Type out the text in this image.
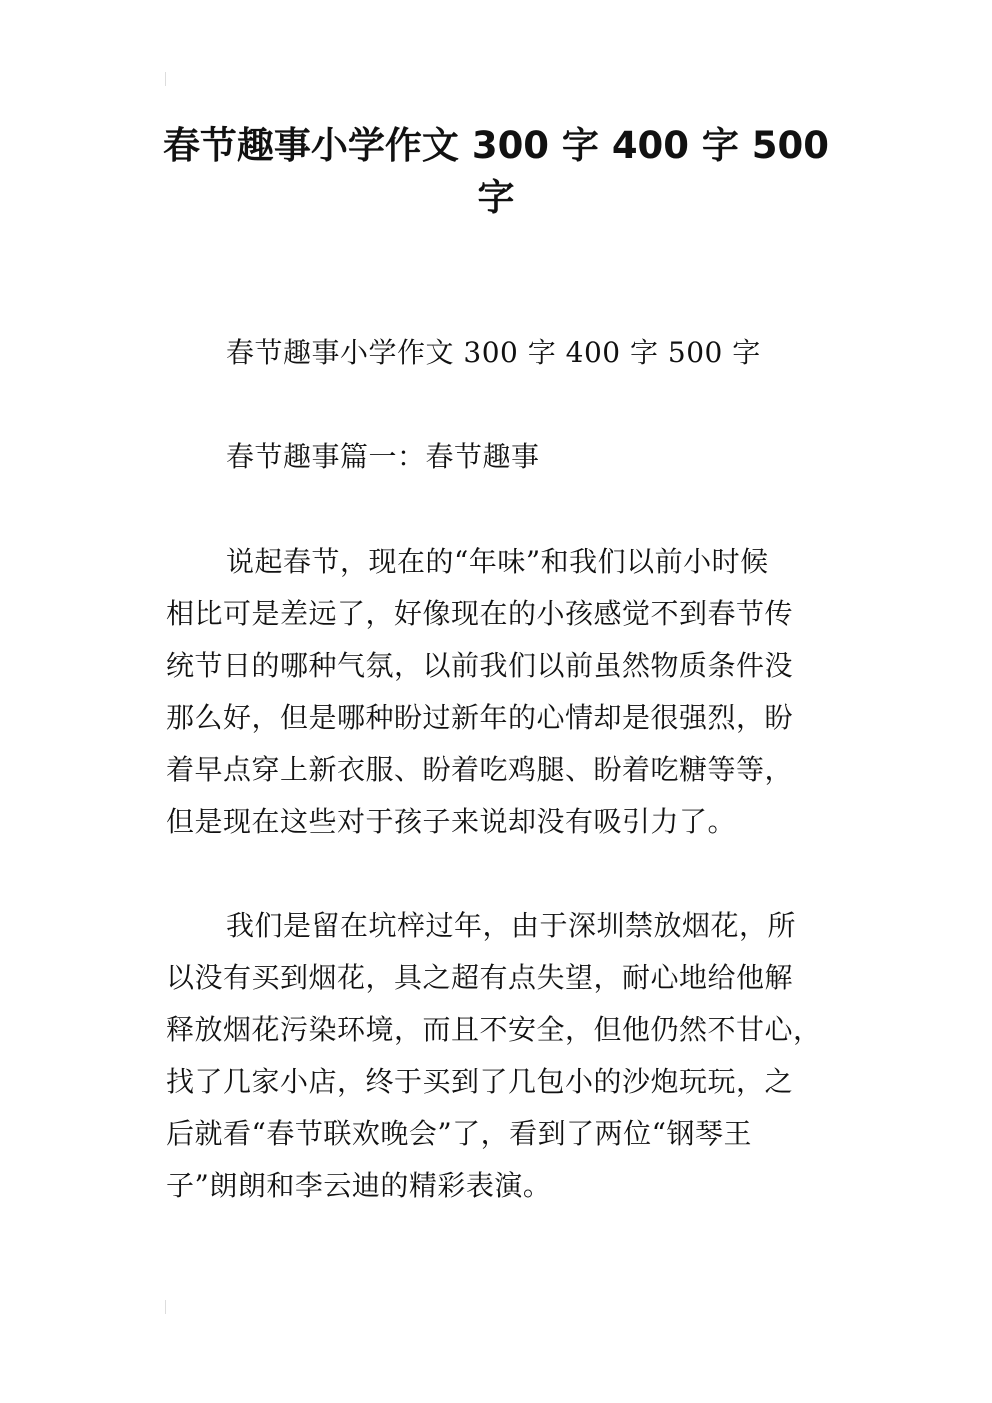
春节趣事小学作文 300 字 400 字 500
字
春节趣事小学作文 300 字 400 字 500 字
春节趣事篇一：春节趣事
说起春节，现在的“年味”和我们以前小时候
相比可是差远了，好像现在的小孩感觉不到春节传
统节日的哪种气氛，以前我们以前虽然物质条件没
那么好，但是哪种盼过新年的心情却是很强烈，盼
着早点穿上新衣服、盼着吃鸡腿、盼着吃糖等等，
但是现在这些对于孩子来说却没有吸引力了。
我们是留在坑梓过年，由于深圳禁放烟花，所
以没有买到烟花，具之超有点失望，耐心地给他解
释放烟花污染环境，而且不安全，但他仍然不甘心，
找了几家小店，终于买到了几包小的沙炮玩玩，之
后就看“春节联欢晚会”了，看到了两位“钢琴王
子”朗朗和李云迪的精彩表演。
